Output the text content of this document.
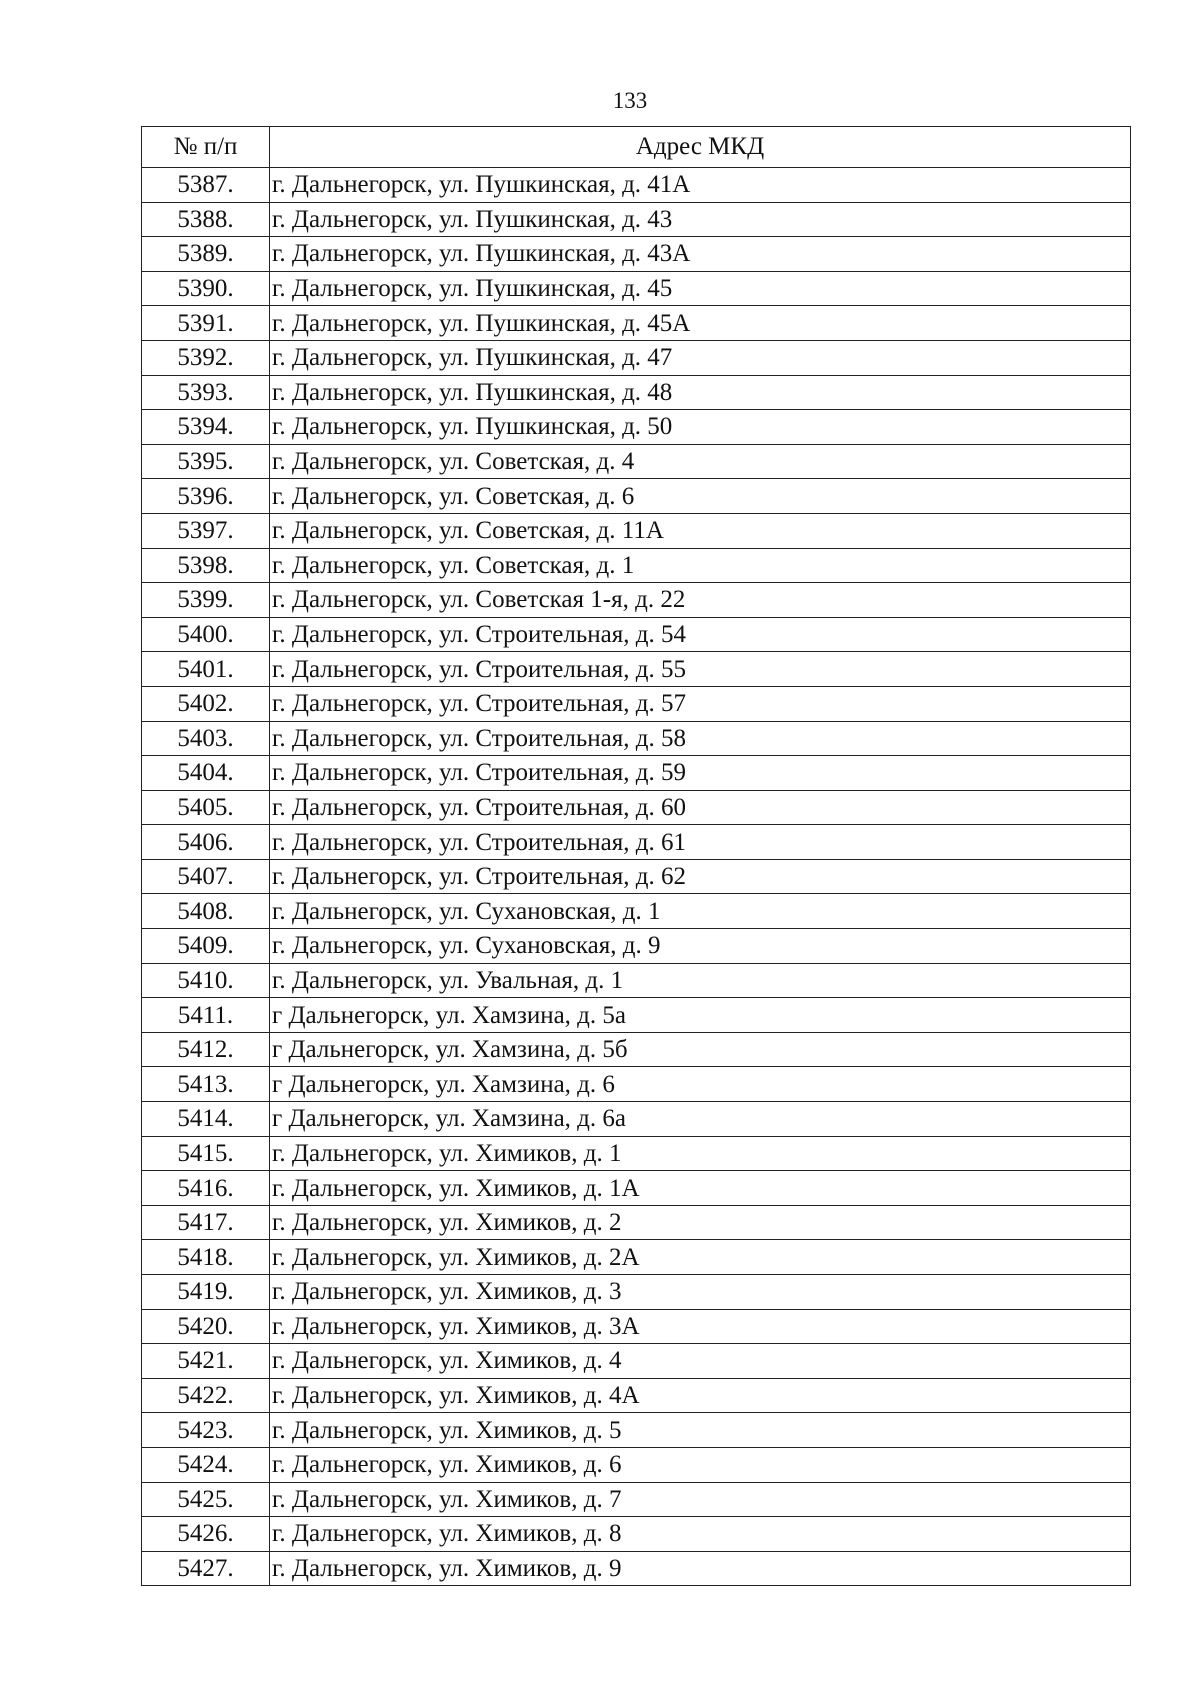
133
№ п/п	Адрес МКД
5387.	г. Дальнегорск, ул. Пушкинская, д. 41А
5388.	г. Дальнегорск, ул. Пушкинская, д. 43
5389.	г. Дальнегорск, ул. Пушкинская, д. 43А
5390.	г. Дальнегорск, ул. Пушкинская, д. 45
5391.	г. Дальнегорск, ул. Пушкинская, д. 45А
5392.	г. Дальнегорск, ул. Пушкинская, д. 47
5393.	г. Дальнегорск, ул. Пушкинская, д. 48
5394.	г. Дальнегорск, ул. Пушкинская, д. 50
5395.	г. Дальнегорск, ул. Советская, д. 4
5396.	г. Дальнегорск, ул. Советская, д. 6
5397.	г. Дальнегорск, ул. Советская, д. 11А
5398.	г. Дальнегорск, ул. Советская, д. 1
5399.	г. Дальнегорск, ул. Советская 1-я, д. 22
5400.	г. Дальнегорск, ул. Строительная, д. 54
5401.	г. Дальнегорск, ул. Строительная, д. 55
5402.	г. Дальнегорск, ул. Строительная, д. 57
5403.	г. Дальнегорск, ул. Строительная, д. 58
5404.	г. Дальнегорск, ул. Строительная, д. 59
5405.	г. Дальнегорск, ул. Строительная, д. 60
5406.	г. Дальнегорск, ул. Строительная, д. 61
5407.	г. Дальнегорск, ул. Строительная, д. 62
5408.	г. Дальнегорск, ул. Сухановская, д. 1
5409.	г. Дальнегорск, ул. Сухановская, д. 9
5410.	г. Дальнегорск, ул. Увальная, д. 1
5411.	г Дальнегорск, ул. Хамзина, д. 5а
5412.	г Дальнегорск, ул. Хамзина, д. 5б
5413.	г Дальнегорск, ул. Хамзина, д. 6
5414.	г Дальнегорск, ул. Хамзина, д. 6а
5415.	г. Дальнегорск, ул. Химиков, д. 1
5416.	г. Дальнегорск, ул. Химиков, д. 1А
5417.	г. Дальнегорск, ул. Химиков, д. 2
5418.	г. Дальнегорск, ул. Химиков, д. 2А
5419.	г. Дальнегорск, ул. Химиков, д. 3
5420.	г. Дальнегорск, ул. Химиков, д. 3А
5421.	г. Дальнегорск, ул. Химиков, д. 4
5422.	г. Дальнегорск, ул. Химиков, д. 4А
5423.	г. Дальнегорск, ул. Химиков, д. 5
5424.	г. Дальнегорск, ул. Химиков, д. 6
5425.	г. Дальнегорск, ул. Химиков, д. 7
5426.	г. Дальнегорск, ул. Химиков, д. 8
5427.	г. Дальнегорск, ул. Химиков, д. 9
